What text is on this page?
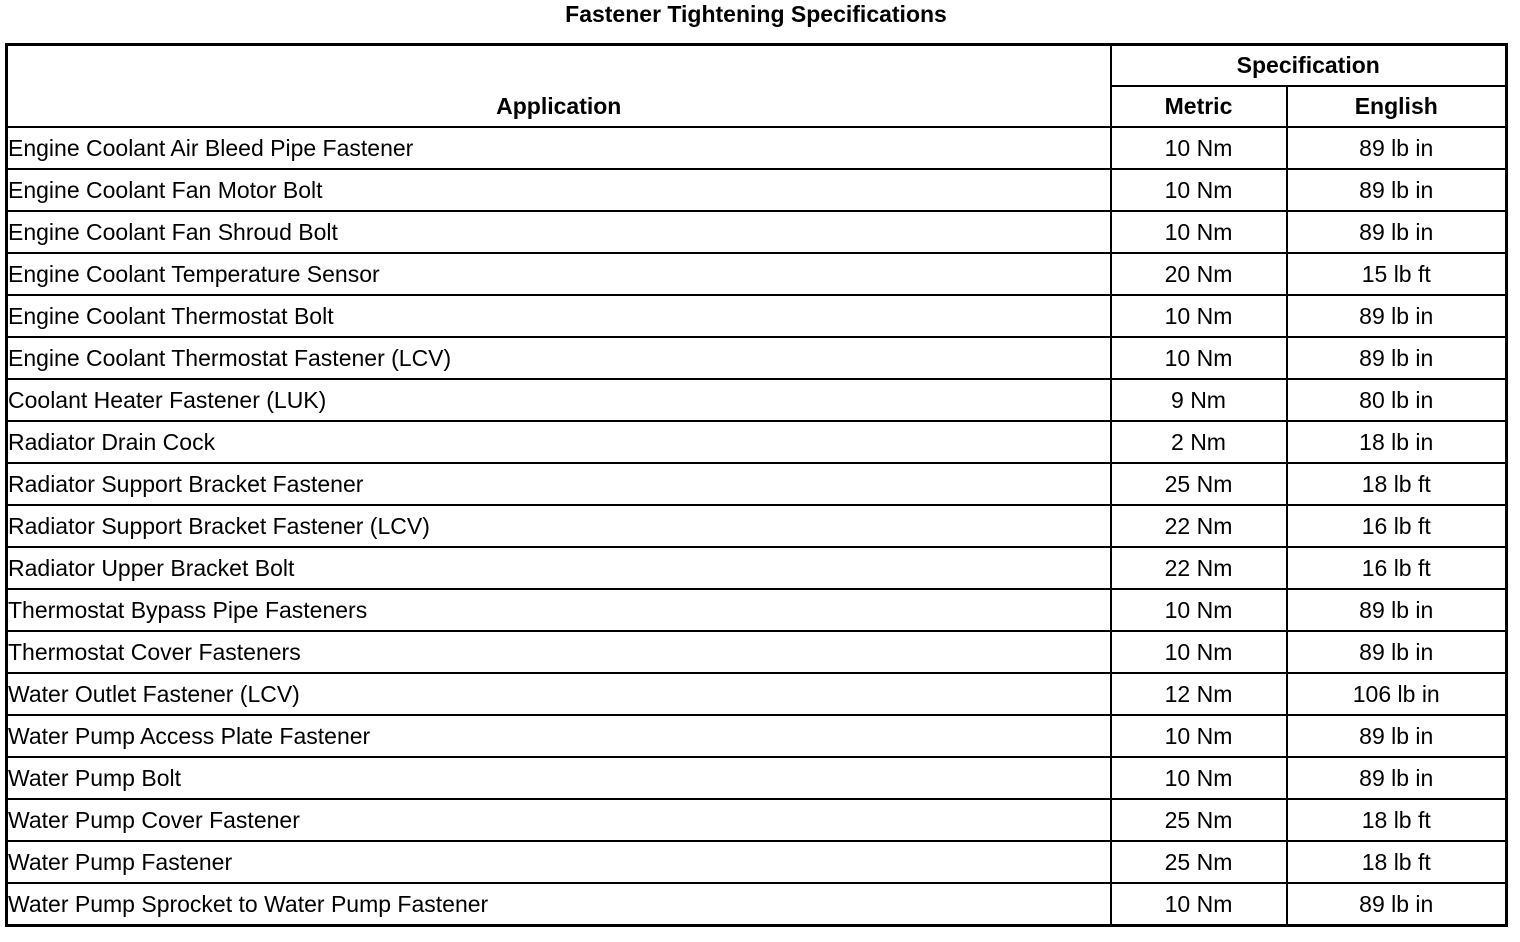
Fastener Tightening Specifications
Application	Specification	
	Metric	English
Engine Coolant Air Bleed Pipe Fastener	10 Nm	89 lb in
Engine Coolant Fan Motor Bolt	10 Nm	89 lb in
Engine Coolant Fan Shroud Bolt	10 Nm	89 lb in
Engine Coolant Temperature Sensor	20 Nm	15 lb ft
Engine Coolant Thermostat Bolt	10 Nm	89 lb in
Engine Coolant Thermostat Fastener (LCV)	10 Nm	89 lb in
Coolant Heater Fastener (LUK)	9 Nm	80 lb in
Radiator Drain Cock	2 Nm	18 lb in
Radiator Support Bracket Fastener	25 Nm	18 lb ft
Radiator Support Bracket Fastener (LCV)	22 Nm	16 lb ft
Radiator Upper Bracket Bolt	22 Nm	16 lb ft
Thermostat Bypass Pipe Fasteners	10 Nm	89 lb in
Thermostat Cover Fasteners	10 Nm	89 lb in
Water Outlet Fastener (LCV)	12 Nm	106 lb in
Water Pump Access Plate Fastener	10 Nm	89 lb in
Water Pump Bolt	10 Nm	89 lb in
Water Pump Cover Fastener	25 Nm	18 lb ft
Water Pump Fastener	25 Nm	18 lb ft
Water Pump Sprocket to Water Pump Fastener	10 Nm	89 lb in
